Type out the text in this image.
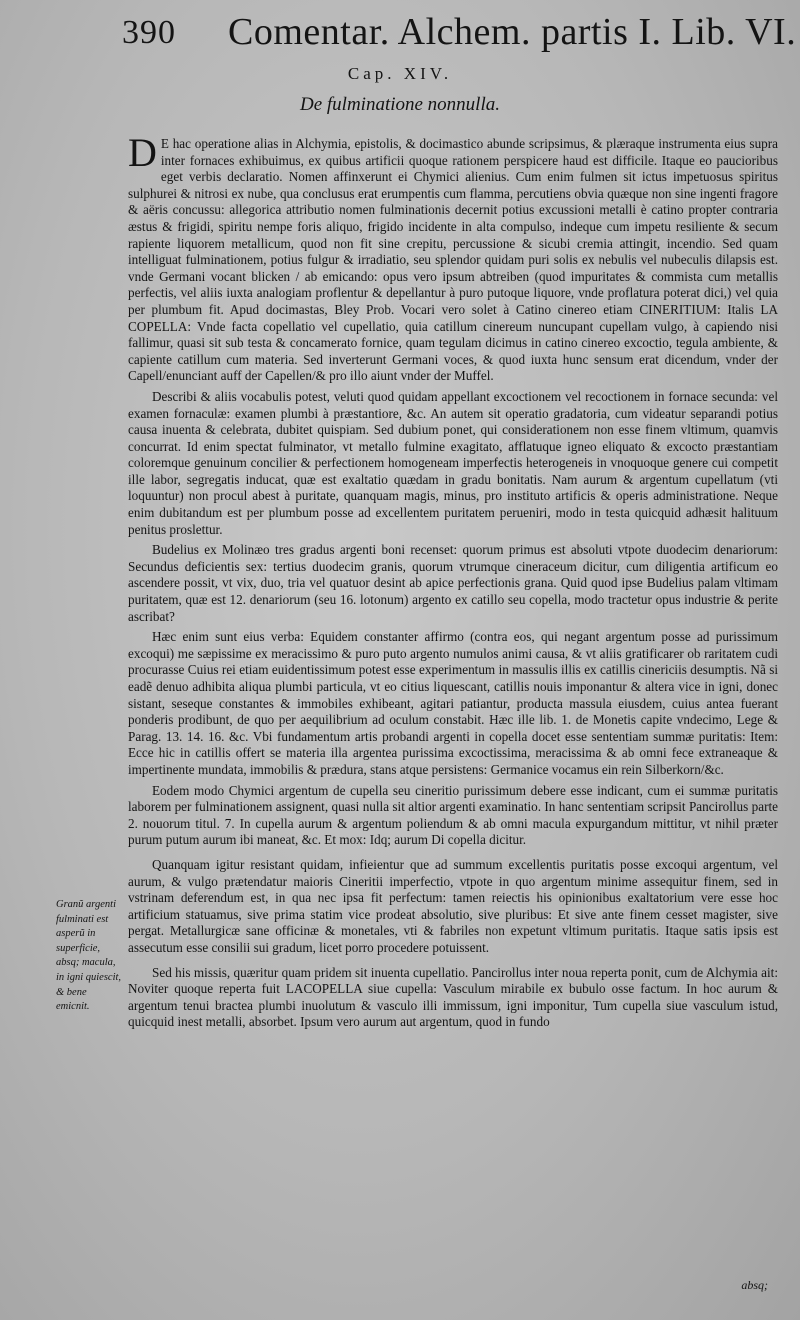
390 Comentar. Alchem. partis I. Lib. VI.
Cap. XIV.
De fulminatione nonnulla.

DE hac operatione alias in Alchymia, epistolis, & docimastico abunde scripsimus, & plæraque instrumenta eius supra inter fornaces exhibuimus, ex quibus artificii quoque rationem perspicere haud est difficile. Itaque eo paucioribus eget verbis declaratio. Nomen affinxerunt ei Chymici alienius. Cum enim fulmen sit ictus impetuosus spiritus sulphurei & nitrosi ex nube, qua conclusus erat erumpentis cum flamma, percutiens obvia quæque non sine ingenti fragore & aëris concussu: allegorica attributio nomen fulminationis decernit potius excussioni metalli è catino propter contraria æstus & frigidi, spiritu nempe foris aliquo, frigido incidente in alta compulso, indeque cum impetu resiliente & secum rapiente liquorem metallicum, quod non fit sine crepitu, percussione & sicubi cremia attingit, incendio. Sed quam intelliguat fulminationem, potius fulgur & irradiatio, seu splendor quidam puri solis ex nebulis vel nubeculis dilapsis est. vnde Germani vocant blicken / ab emicando: opus vero ipsum abtreiben (quod impuritates & commista cum metallis perfectis, vel aliis iuxta analogiam proflentur & depellantur à puro putoque liquore, vnde proflatura poterat dici,) vel quia per plumbum fit. Apud docimastas, Bley Prob. Vocari vero solet à Catino cinereo etiam CINERITIUM: Italis LA COPELLA: Vnde facta copellatio vel cupellatio, quia catillum cinereum nuncupant cupellam vulgo, à capiendo nisi fallimur, quasi sit sub testa & concamerato fornice, quam tegulam dicimus in catino cinereo excoctio, tegula ambiente, & capiente catillum cum materia. Sed inverterunt Germani voces, & quod iuxta hunc sensum erat dicendum, vnder der Capell/enunciant auff der Capellen/& pro illo aiunt vnder der Muffel.

Describi & aliis vocabulis potest, veluti quod quidam appellant excoctionem vel recoctionem in fornace secunda: vel examen fornaculæ: examen plumbi à præstantiore, &c. An autem sit operatio gradatoria, cum videatur separandi potius causa inuenta & celebrata, dubitet quispiam. Sed dubium ponet, qui considerationem non esse finem vltimum, quamvis concurrat. Id enim spectat fulminator, vt metallo fulmine exagitato, afflatuque igneo eliquato & excocto præstantiam coloremque genuinum concilier & perfectionem homogeneam imperfectis heterogeneis in vnoquoque genere cui competit ille labor, segregatis inducat, quæ est exaltatio quædam in gradu bonitatis. Nam aurum & argentum cupellatum (vti loquuntur) non procul abest à puritate, quanquam magis, minus, pro instituto artificis & operis administratione. Neque enim dubitandum est per plumbum posse ad excellentem puritatem perueniri, modo in testa quicquid adhæsit halituum penitus proslettur.

Budelius ex Molinæo tres gradus argenti boni recenset: quorum primus est absoluti vtpote duodecim denariorum: Secundus deficientis sex: tertius duodecim granis, quorum vtrumque cineraceum dicitur, cum diligentia artificum eo ascendere possit, vt vix, duo, tria vel quatuor desint ab apice perfectionis grana. Quid quod ipse Budelius palam vltimam puritatem, quæ est 12. denariorum (seu 16. lotonum) argento ex catillo seu copella, modo tractetur opus industrie & perite ascribat?

Hæc enim sunt eius verba: Equidem constanter affirmo (contra eos, qui negant argentum posse ad purissimum excoqui) me sæpissime ex meracissimo & puro puto argento numulos animi causa, & vt aliis gratificarer ob raritatem cudi procurasse Cuius rei etiam euidentissimum potest esse experimentum in massulis illis ex catillis cinericiis desumptis. Nã si eadẽ denuo adhibita aliqua plumbi particula, vt eo citius liquescant, catillis nouis imponantur & altera vice in igni, donec sistant, seseque constantes & immobiles exhibeant, agitari patiantur, producta massula eiusdem, cuius antea fuerant ponderis prodibunt, de quo per aequilibrium ad oculum constabit. Hæc ille lib. 1. de Monetis capite vndecimo, Lege & Parag. 13. 14. 16. &c. Vbi fundamentum artis probandi argenti in copella docet esse sententiam summæ puritatis: Item: Ecce hic in catillis offert se materia illa argentea purissima excoctissima, meracissima & ab omni fece extraneaque & impertinente mundata, immobilis & prædura, stans atque persistens: Germanice vocamus ein rein Silberkorn/&c.

Eodem modo Chymici argentum de cupella seu cineritio purissimum debere esse indicant, cum ei summæ puritatis laborem per fulminationem assignent, quasi nulla sit altior argenti examinatio. In hanc sententiam scripsit Pancirollus parte 2. nouorum titul. 7. In cupella aurum & argentum poliendum & ab omni macula expurgandum mittitur, vt nihil præter purum putum aurum ibi maneat, &c. Et mox: Idq; aurum Di copella dicitur.

Quanquam igitur resistant quidam, infieientur que ad summum excellentis puritatis posse excoqui argentum, vel aurum, & vulgo prætendatur maioris Cineritii imperfectio, vtpote in quo argentum minime assequitur finem, sed in vstrinam deferendum est, in qua nec ipsa fit perfectum: tamen reiectis his opinionibus exaltatorium vere esse hoc artificium statuamus, sive prima statim vice prodeat absolutio, sive pluribus: Et sive ante finem cesset magister, sive pergat. Metallurgicæ sane officinæ & monetales, vti & fabriles non expetunt vltimum puritatis. Itaque satis ipsis est assecutum esse consilii sui gradum, licet porro procedere potuissent.

Sed his missis, quæritur quam pridem sit inuenta cupellatio. Pancirollus inter noua reperta ponit, cum de Alchymia ait: Noviter quoque reperta fuit LACOPELLA siue cupella: Vasculum mirabile ex bubulo osse factum. In hoc aurum & argentum tenui bractea plumbi inuolutum & vasculo illi immissum, igni imponitur, Tum cupella siue vasculum istud, quicquid inest metalli, absorbet. Ipsum vero aurum aut argentum, quod in fundo

Granũ argenti fulminati est asperũ in superficie, absq; macula, in igni quiescit, & bene emicnit.
absq;
